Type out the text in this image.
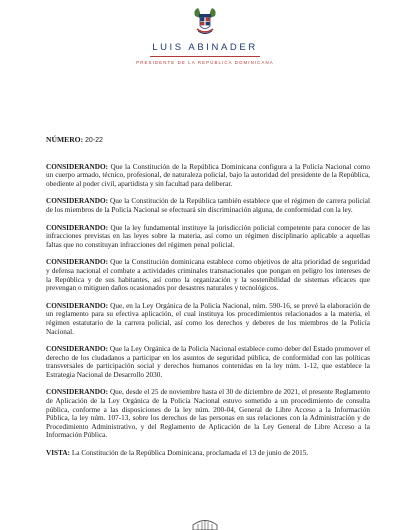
LUIS ABINADER
PRESIDENTE DE LA REPÚBLICA DOMINICANA
NÚMERO: 20-22

CONSIDERANDO: Que la Constitución de la República Dominicana configura a la Policía Nacional como un cuerpo armado, técnico, profesional, de naturaleza policial, bajo la autoridad del presidente de la República, obediente al poder civil, apartidista y sin facultad para deliberar.

CONSIDERANDO: Que la Constitución de la República también establece que el régimen de carrera policial de los miembros de la Policía Nacional se efectuará sin discriminación alguna, de conformidad con la ley.

CONSIDERANDO: Que la ley fundamental instituye la jurisdicción policial competente para conocer de las infracciones previstas en las leyes sobre la materia, así como un régimen disciplinario aplicable a aquellas faltas que no constituyan infracciones del régimen penal policial.

CONSIDERANDO: Que la Constitución dominicana establece como objetivos de alta prioridad de seguridad y defensa nacional el combate a actividades criminales transnacionales que pongan en peligro los intereses de la República y de sus habitantes, así como la organización y la sostenibilidad de sistemas eficaces que prevengan o mitiguen daños ocasionados por desastres naturales y tecnológicos.

CONSIDERANDO: Que, en la Ley Orgánica de la Policía Nacional, núm. 590-16, se prevé la elaboración de un reglamento para su efectiva aplicación, el cual instituya los procedimientos relacionados a la materia, el régimen estatutario de la carrera policial, así como los derechos y deberes de los miembros de la Policía Nacional.

CONSIDERANDO: Que la Ley Orgánica de la Policía Nacional establece como deber del Estado promover el derecho de los ciudadanos a participar en los asuntos de seguridad pública, de conformidad con las políticas transversales de participación social y derechos humanos contenidas en la ley núm. 1-12, que establece la Estrategia Nacional de Desarrollo 2030.

CONSIDERANDO: Que, desde el 25 de noviembre hasta el 30 de diciembre de 2021, el presente Reglamento de Aplicación de la Ley Orgánica de la Policía Nacional estuvo sometido a un procedimiento de consulta pública, conforme a las disposiciones de la ley núm. 200-04, General de Libre Acceso a la Información Pública, la ley núm. 107-13, sobre los derechos de las personas en sus relaciones con la Administración y de Procedimiento Administrativo, y del Reglamento de Aplicación de la Ley General de Libre Acceso a la Información Pública.

VISTA: La Constitución de la República Dominicana, proclamada el 13 de junio de 2015.
